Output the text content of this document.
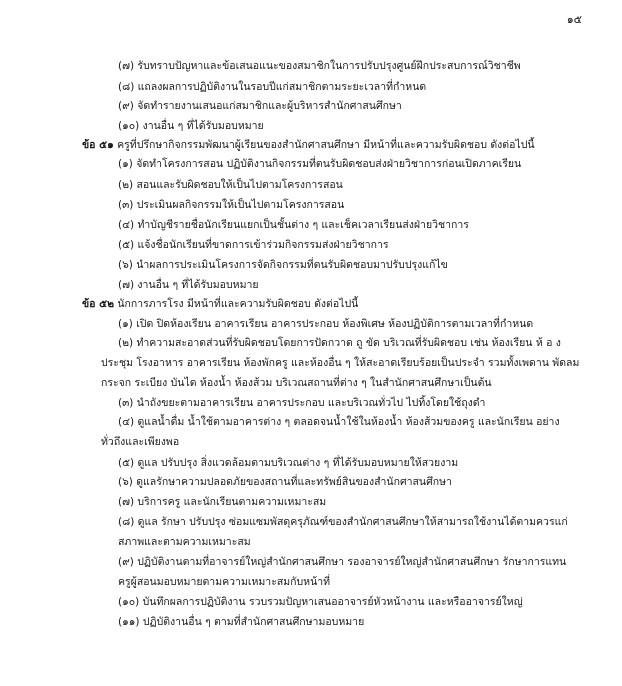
๑๕
(๗) รับทราบปัญหาและข้อเสนอแนะของสมาชิกในการปรับปรุงศูนย์ฝึกประสบการณ์วิชาชีพ
(๘) แถลงผลการปฏิบัติงานในรอบปีแก่สมาชิกตามระยะเวลาที่กำหนด
(๙) จัดทำรายงานเสนอแก่สมาชิกและผู้บริหารสำนักศาสนศึกษา
(๑๐) งานอื่น ๆ ที่ได้รับมอบหมาย
ข้อ ๕๑ ครูที่ปรึกษากิจกรรมพัฒนาผู้เรียนของสำนักศาสนศึกษา มีหน้าที่และความรับผิดชอบ ดังต่อไปนี้
(๑) จัดทำโครงการสอน ปฏิบัติงานกิจกรรมที่ตนรับผิดชอบส่งฝ่ายวิชาการก่อนเปิดภาคเรียน
(๒) สอนและรับผิดชอบให้เป็นไปตามโครงการสอน
(๓) ประเมินผลกิจกรรมให้เป็นไปตามโครงการสอน
(๔) ทำบัญชีรายชื่อนักเรียนแยกเป็นชั้นต่าง ๆ และเช็คเวลาเรียนส่งฝ่ายวิชาการ
(๕) แจ้งชื่อนักเรียนที่ขาดการเข้าร่วมกิจกรรมส่งฝ่ายวิชาการ
(๖) นำผลการประเมินโครงการจัดกิจกรรมที่ตนรับผิดชอบมาปรับปรุงแก้ไข
(๗) งานอื่น ๆ ที่ได้รับมอบหมาย
ข้อ ๕๒ นักการภารโรง มีหน้าที่และความรับผิดชอบ ดังต่อไปนี้
(๑) เปิด ปิดห้องเรียน อาคารเรียน อาคารประกอบ ห้องพิเศษ ห้องปฏิบัติการตามเวลาที่กำหนด
(๒) ทำความสะอาดส่วนที่รับผิดชอบโดยการปัดกวาด ถู ขัด บริเวณที่รับผิดชอบ เช่น ห้องเรียน ห้ อ ง
ประชุม โรงอาหาร อาคารเรียน ห้องพักครู และห้องอื่น ๆ ให้สะอาดเรียบร้อยเป็นประจำ รวมทั้งเพดาน พัดลม
กระจก ระเบียง บันได ห้องน้ำ ห้องส้วม บริเวณสถานที่ต่าง ๆ ในสำนักศาสนศึกษาเป็นต้น
(๓) นำถังขยะตามอาคารเรียน อาคารประกอบ และบริเวณทั่วไป ไปทิ้งโดยใช้ถุงดำ
(๔) ดูแลน้ำดื่ม น้ำใช้ตามอาคารต่าง ๆ ตลอดจนน้ำใช้ในห้องน้ำ ห้องส้วมของครู และนักเรียน อย่าง
ทั่วถึงและเพียงพอ
(๕) ดูแล ปรับปรุง สิ่งแวดล้อมตามบริเวณต่าง ๆ ที่ได้รับมอบหมายให้สวยงาม
(๖) ดูแลรักษาความปลอดภัยของสถานที่และทรัพย์สินของสำนักศาสนศึกษา
(๗) บริการครู และนักเรียนตามความเหมาะสม
(๘) ดูแล รักษา ปรับปรุง ซ่อมแซมพัสดุครุภัณฑ์ของสำนักศาสนศึกษาให้สามารถใช้งานได้ตามควรแก่
สภาพและตามความเหมาะสม
(๙) ปฏิบัติงานตามที่อาจารย์ใหญ่สำนักศาสนศึกษา รองอาจารย์ใหญ่สำนักศาสนศึกษา รักษาการแทน
ครูผู้สอนมอบหมายตามความเหมาะสมกับหน้าที่
(๑๐) บันทึกผลการปฏิบัติงาน รวบรวมปัญหาเสนออาจารย์หัวหน้างาน และหรืออาจารย์ใหญ่
(๑๑) ปฏิบัติงานอื่น ๆ ตามที่สำนักศาสนศึกษามอบหมาย
